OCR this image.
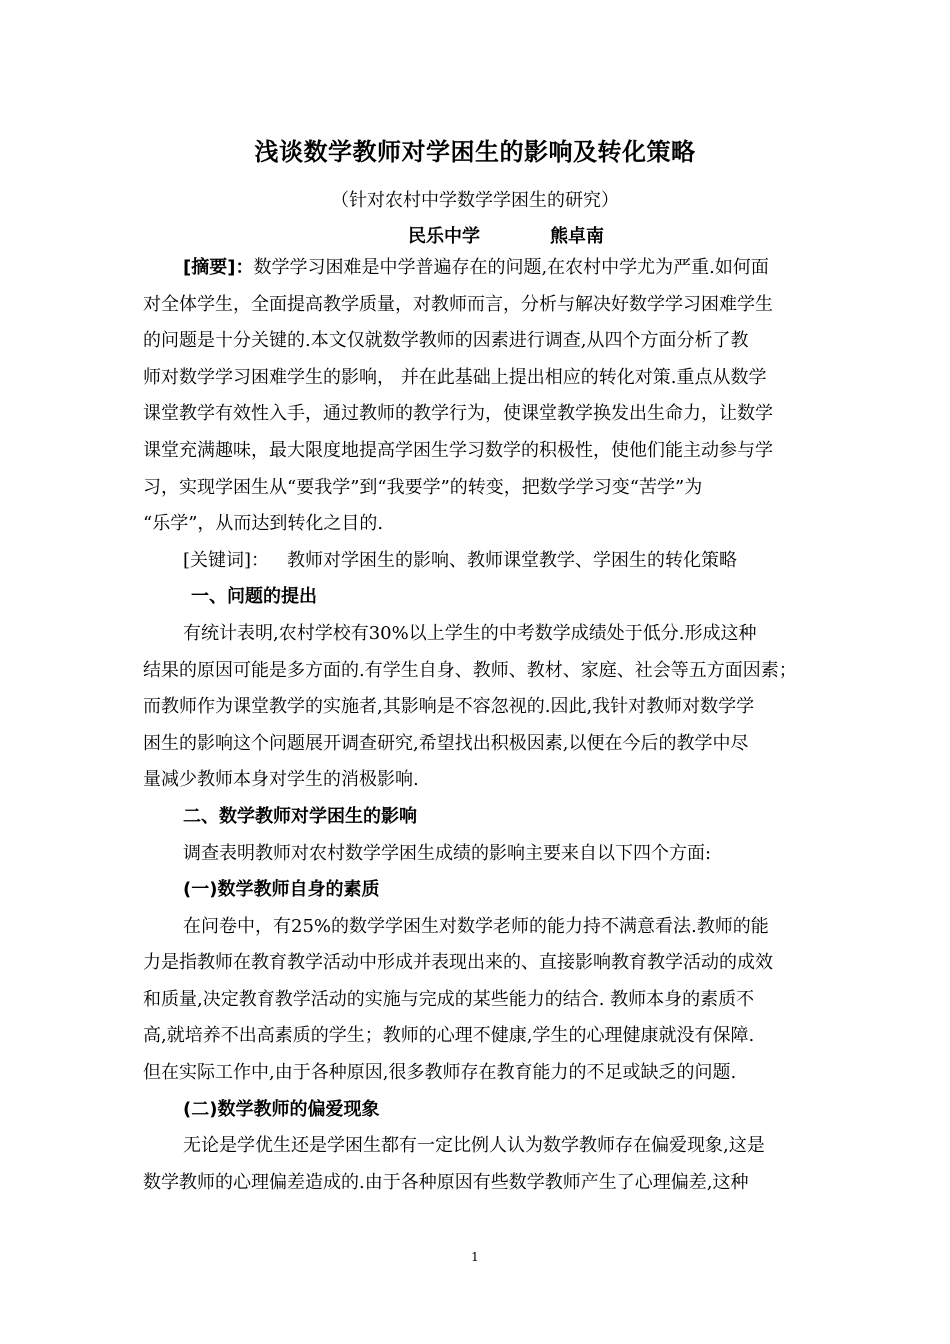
浅谈数学教师对学困生的影响及转化策略
（针对农村中学数学学困生的研究）
民乐中学	熊卓南
[摘要]：数学学习困难是中学普遍存在的问题,在农村中学尤为严重.如何面
对全体学生，全面提高教学质量，对教师而言，分析与解决好数学学习困难学生
的问题是十分关键的.本文仅就数学教师的因素进行调查,从四个方面分析了教
师对数学学习困难学生的影响， 并在此基础上提出相应的转化对策.重点从数学
课堂教学有效性入手，通过教师的教学行为，使课堂教学换发出生命力，让数学
课堂充满趣味，最大限度地提高学困生学习数学的积极性，使他们能主动参与学
习，实现学困生从“要我学”到“我要学”的转变，把数学学习变“苦学”为
“乐学”，从而达到转化之目的.
[关键词]： 教师对学困生的影响、教师课堂教学、学困生的转化策略
一、问题的提出
有统计表明,农村学校有30%以上学生的中考数学成绩处于低分.形成这种
结果的原因可能是多方面的.有学生自身、教师、教材、家庭、社会等五方面因素；
而教师作为课堂教学的实施者,其影响是不容忽视的.因此,我针对教师对数学学
困生的影响这个问题展开调查研究,希望找出积极因素,以便在今后的教学中尽
量减少教师本身对学生的消极影响.
二、数学教师对学困生的影响
调查表明教师对农村数学学困生成绩的影响主要来自以下四个方面:
(一)数学教师自身的素质
在问卷中，有25%的数学学困生对数学老师的能力持不满意看法.教师的能
力是指教师在教育教学活动中形成并表现出来的、直接影响教育教学活动的成效
和质量,决定教育教学活动的实施与完成的某些能力的结合. 教师本身的素质不
高,就培养不出高素质的学生；教师的心理不健康,学生的心理健康就没有保障.
但在实际工作中,由于各种原因,很多教师存在教育能力的不足或缺乏的问题.
(二)数学教师的偏爱现象
无论是学优生还是学困生都有一定比例人认为数学教师存在偏爱现象,这是
数学教师的心理偏差造成的.由于各种原因有些数学教师产生了心理偏差,这种
1
